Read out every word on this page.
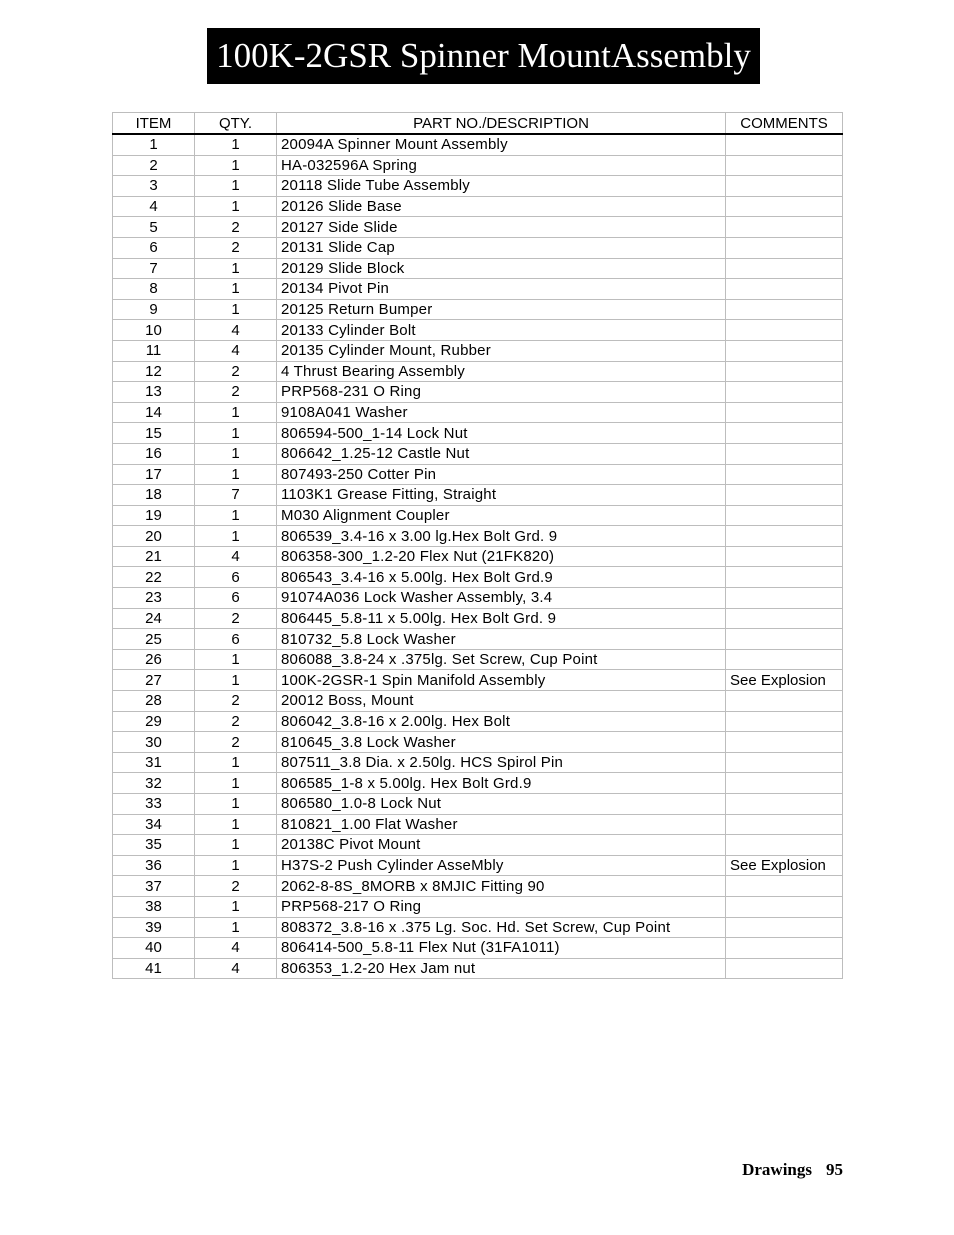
100K-2GSR Spinner MountAssembly
ITEM	QTY.	PART NO./DESCRIPTION	COMMENTS
1	1	20094A Spinner Mount Assembly	
2	1	HA-032596A Spring	
3	1	20118 Slide Tube Assembly	
4	1	20126 Slide Base	
5	2	20127 Side Slide	
6	2	20131 Slide Cap	
7	1	20129 Slide Block	
8	1	20134 Pivot Pin	
9	1	20125 Return Bumper	
10	4	20133 Cylinder Bolt	
11	4	20135 Cylinder Mount, Rubber	
12	2	4 Thrust Bearing Assembly	
13	2	PRP568-231 O Ring	
14	1	9108A041 Washer	
15	1	806594-500_1-14 Lock Nut	
16	1	806642_1.25-12 Castle Nut	
17	1	807493-250 Cotter Pin	
18	7	1103K1 Grease Fitting, Straight	
19	1	M030 Alignment Coupler	
20	1	806539_3.4-16 x 3.00 lg.Hex Bolt Grd. 9	
21	4	806358-300_1.2-20 Flex Nut (21FK820)	
22	6	806543_3.4-16 x 5.00lg. Hex Bolt Grd.9	
23	6	91074A036 Lock Washer Assembly, 3.4	
24	2	806445_5.8-11 x 5.00lg. Hex Bolt Grd. 9	
25	6	810732_5.8 Lock Washer	
26	1	806088_3.8-24 x .375lg. Set Screw, Cup Point	
27	1	100K-2GSR-1 Spin Manifold Assembly	See Explosion
28	2	20012 Boss, Mount	
29	2	806042_3.8-16 x 2.00lg. Hex Bolt	
30	2	810645_3.8 Lock Washer	
31	1	807511_3.8 Dia. x 2.50lg. HCS Spirol Pin	
32	1	806585_1-8 x 5.00lg. Hex Bolt Grd.9	
33	1	806580_1.0-8 Lock Nut	
34	1	810821_1.00 Flat Washer	
35	1	20138C Pivot Mount	
36	1	H37S-2 Push Cylinder AsseMbly	See Explosion
37	2	2062-8-8S_8MORB x 8MJIC Fitting 90	
38	1	PRP568-217 O Ring	
39	1	808372_3.8-16 x .375 Lg. Soc. Hd. Set Screw, Cup Point	
40	4	806414-500_5.8-11 Flex Nut (31FA1011)	
41	4	806353_1.2-20 Hex Jam nut	
Drawings 95
